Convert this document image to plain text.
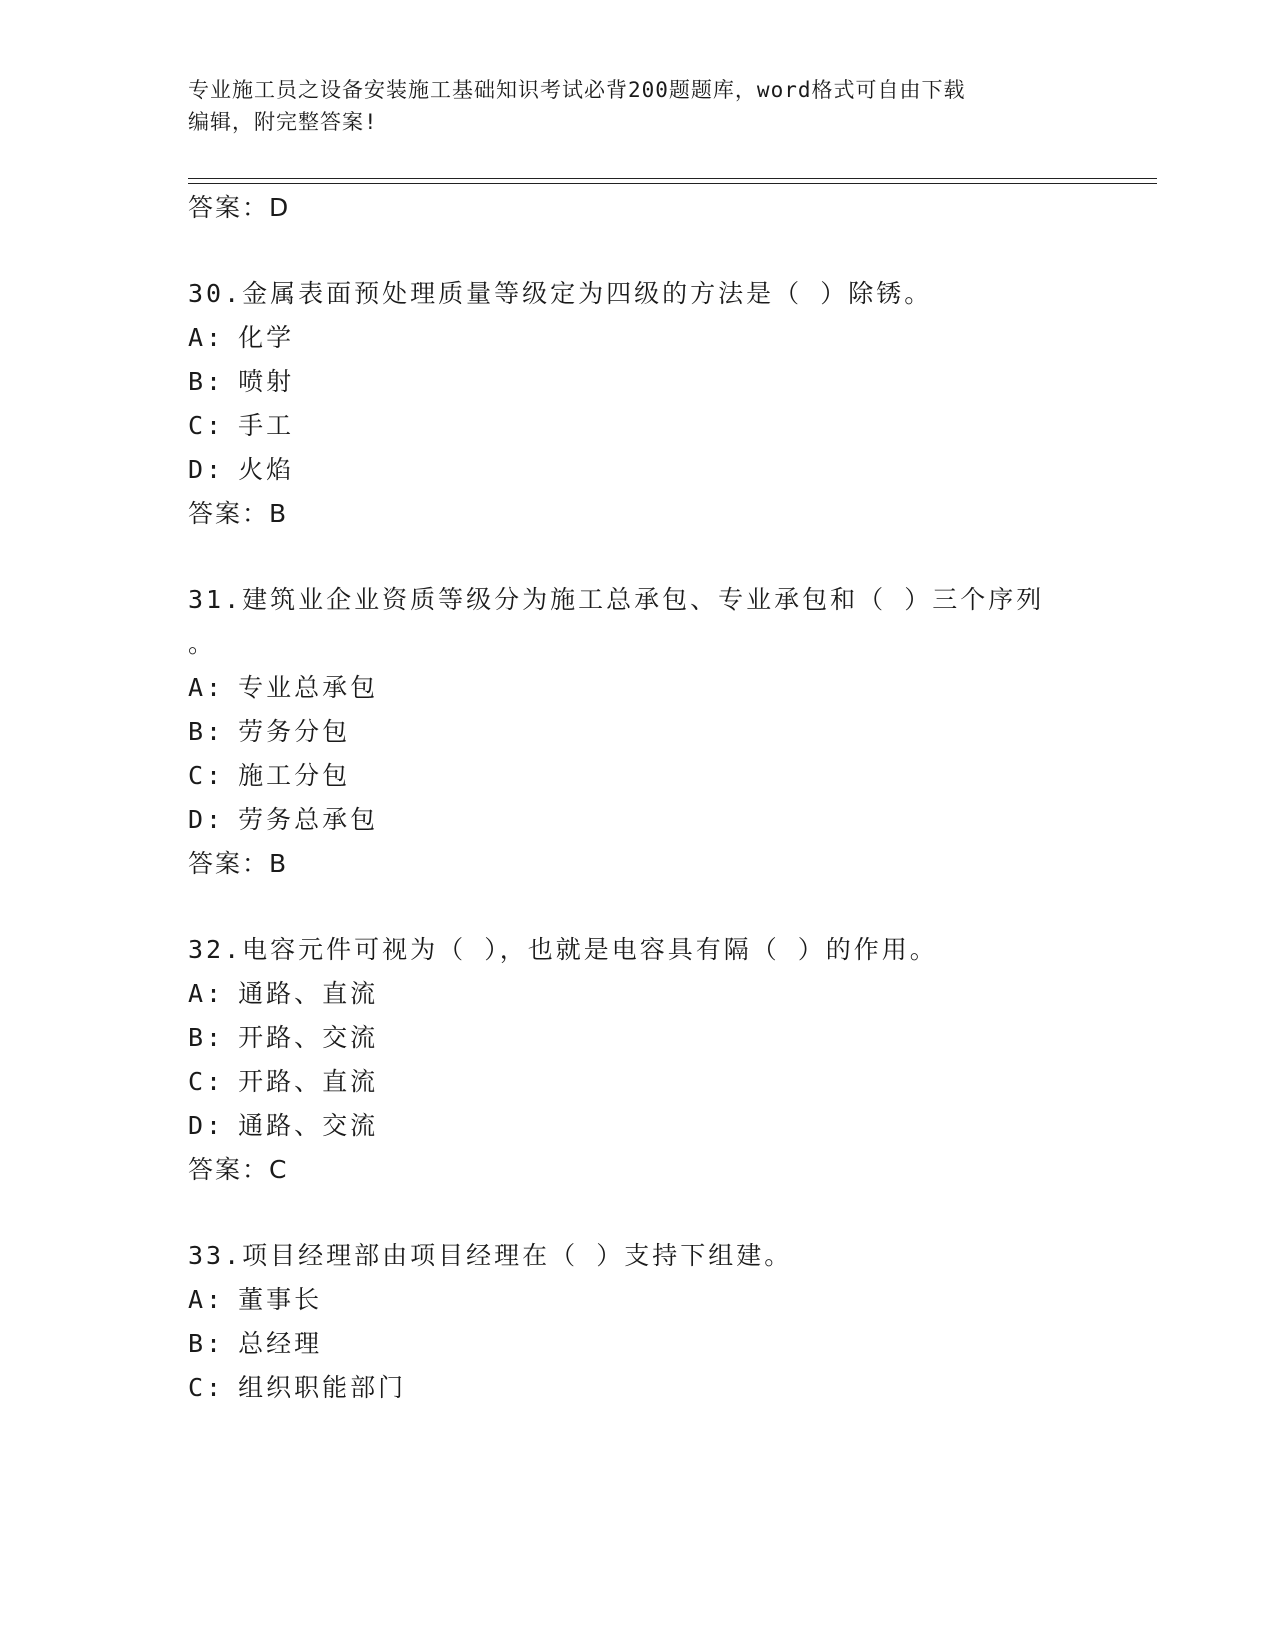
专业施工员之设备安装施工基础知识考试必背200题题库，word格式可自由下载
编辑，附完整答案!
答案：D
30.金属表面预处理质量等级定为四级的方法是（ ）除锈。
A: 化学
B: 喷射
C: 手工
D: 火焰
答案：B
31.建筑业企业资质等级分为施工总承包、专业承包和（ ）三个序列
。
A: 专业总承包
B: 劳务分包
C: 施工分包
D: 劳务总承包
答案：B
32.电容元件可视为（ ），也就是电容具有隔（ ）的作用。
A: 通路、直流
B: 开路、交流
C: 开路、直流
D: 通路、交流
答案：C
33.项目经理部由项目经理在（ ）支持下组建。
A: 董事长
B: 总经理
C: 组织职能部门
